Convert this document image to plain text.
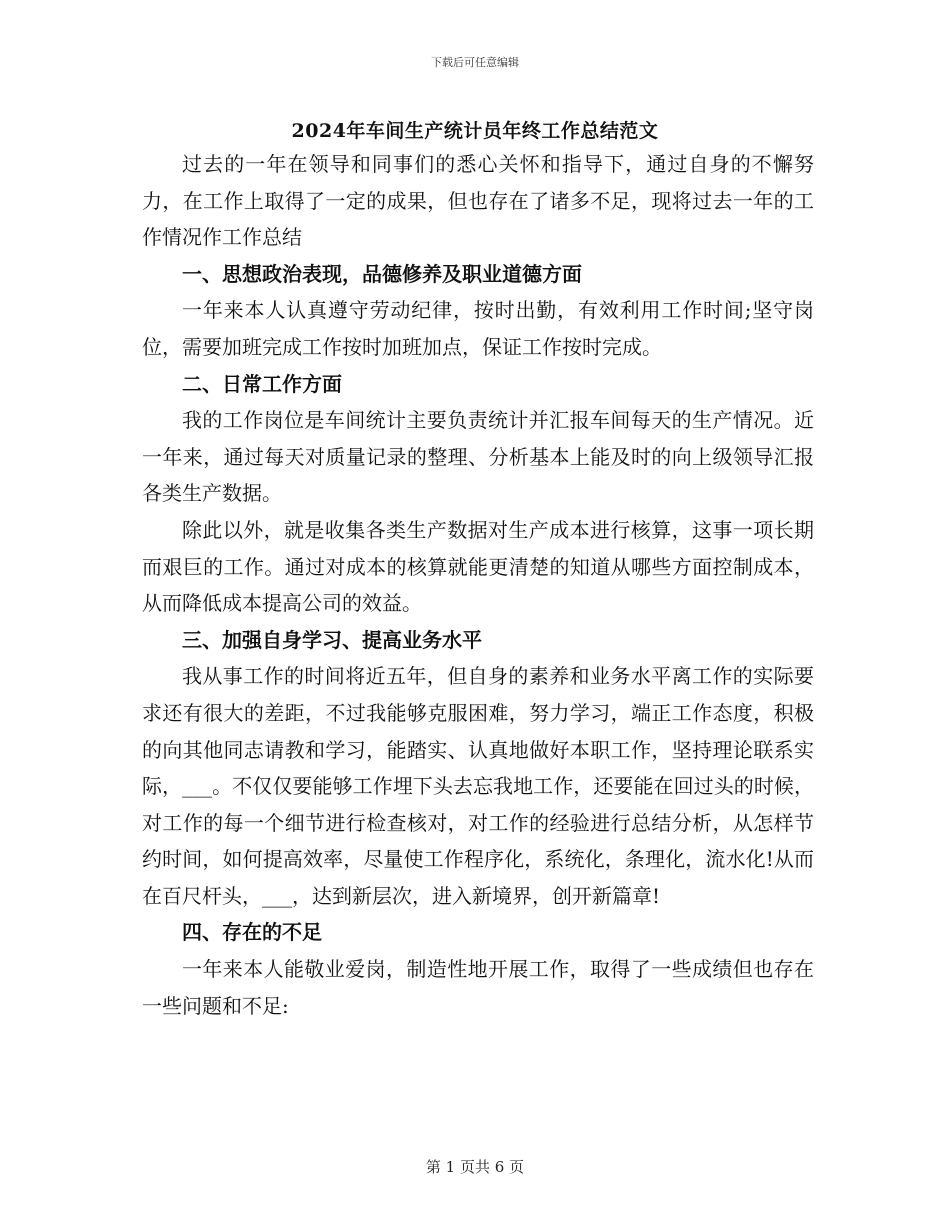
下载后可任意编辑
2024年车间生产统计员年终工作总结范文

过去的一年在领导和同事们的悉心关怀和指导下，通过自身的不懈努力，在工作上取得了一定的成果，但也存在了诸多不足，现将过去一年的工作情况作工作总结

一、思想政治表现，品德修养及职业道德方面

一年来本人认真遵守劳动纪律，按时出勤，有效利用工作时间;坚守岗位，需要加班完成工作按时加班加点，保证工作按时完成。

二、日常工作方面

我的工作岗位是车间统计主要负责统计并汇报车间每天的生产情况。近一年来，通过每天对质量记录的整理、分析基本上能及时的向上级领导汇报各类生产数据。

除此以外，就是收集各类生产数据对生产成本进行核算，这事一项长期而艰巨的工作。通过对成本的核算就能更清楚的知道从哪些方面控制成本，从而降低成本提高公司的效益。

三、加强自身学习、提高业务水平

我从事工作的时间将近五年，但自身的素养和业务水平离工作的实际要求还有很大的差距，不过我能够克服困难，努力学习，端正工作态度，积极的向其他同志请教和学习，能踏实、认真地做好本职工作，坚持理论联系实际，___。不仅仅要能够工作埋下头去忘我地工作，还要能在回过头的时候，对工作的每一个细节进行检查核对，对工作的经验进行总结分析，从怎样节约时间，如何提高效率，尽量使工作程序化，系统化，条理化，流水化!从而在百尺杆头，___，达到新层次，进入新境界，创开新篇章!

四、存在的不足

一年来本人能敬业爱岗，制造性地开展工作，取得了一些成绩但也存在一些问题和不足:

第 1 页共 6 页
